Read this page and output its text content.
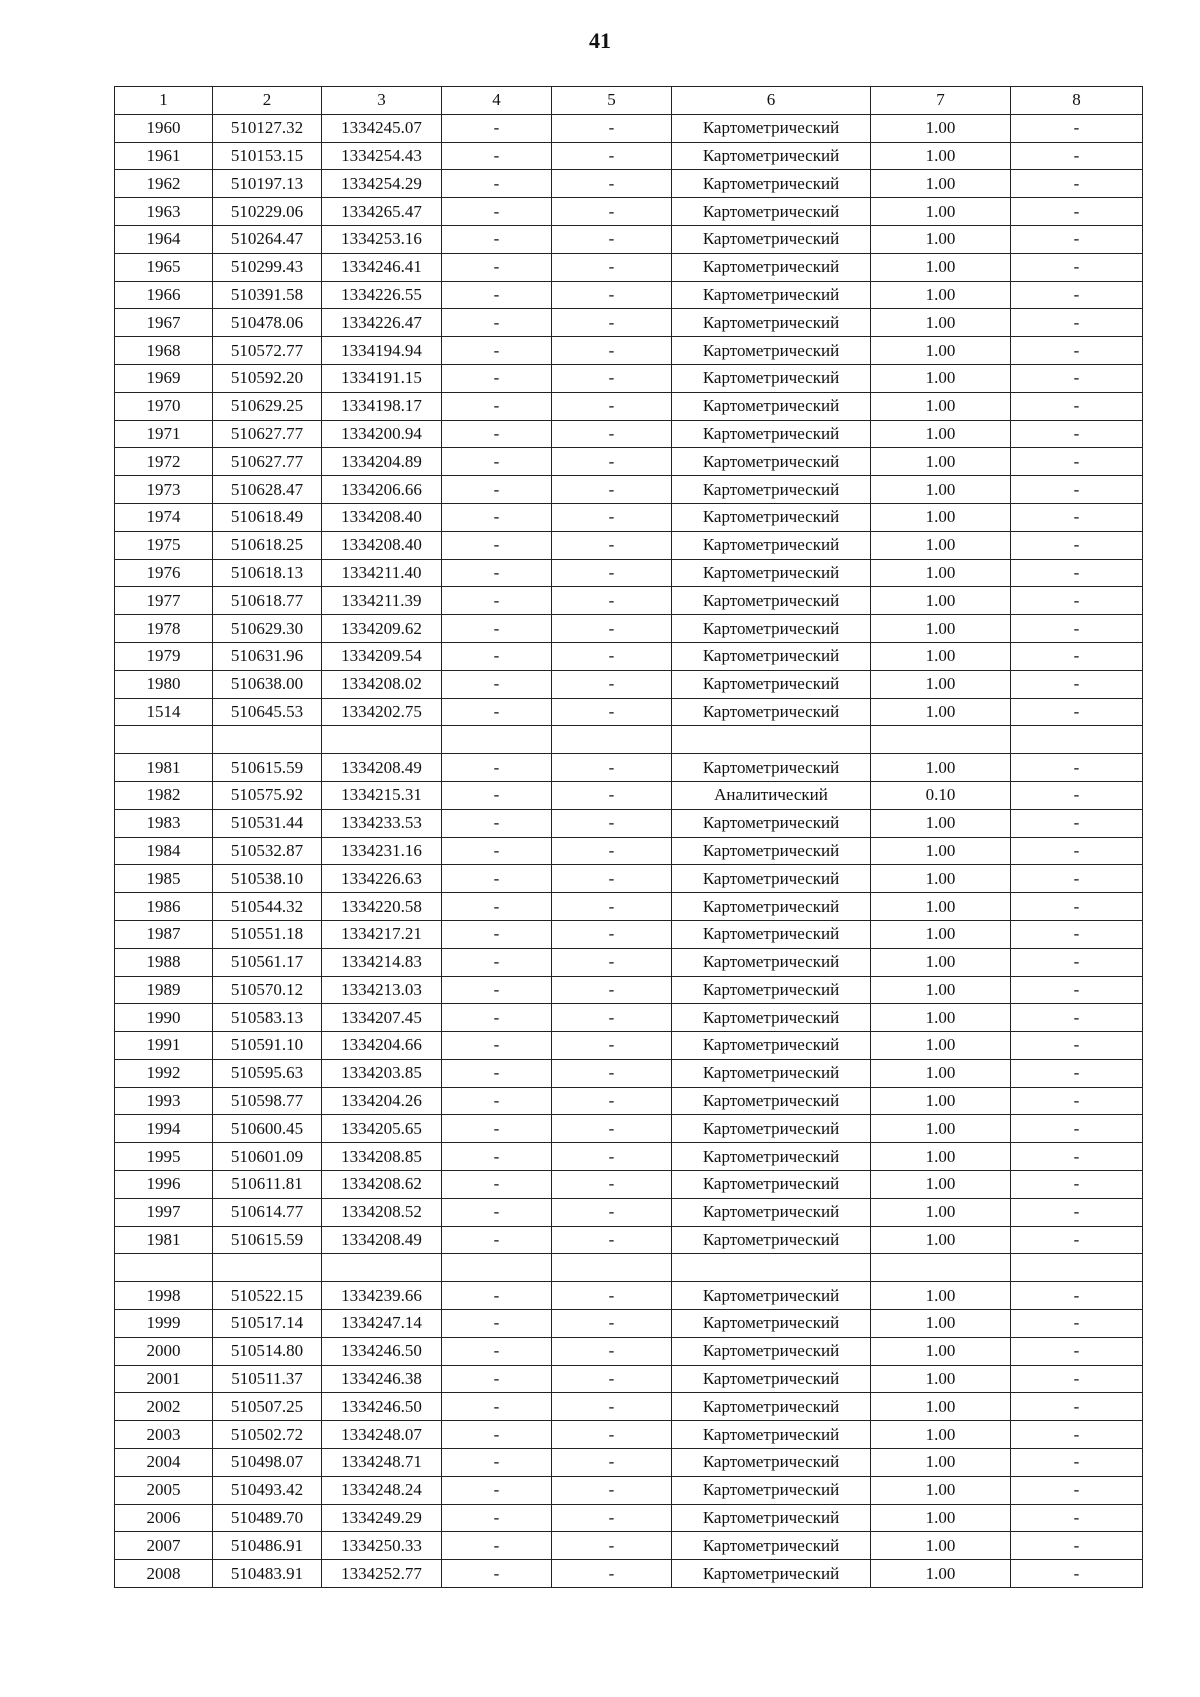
41
1	2	3	4	5	6	7	8
1960	510127.32	1334245.07	-	-	Картометрический	1.00	-
1961	510153.15	1334254.43	-	-	Картометрический	1.00	-
1962	510197.13	1334254.29	-	-	Картометрический	1.00	-
1963	510229.06	1334265.47	-	-	Картометрический	1.00	-
1964	510264.47	1334253.16	-	-	Картометрический	1.00	-
1965	510299.43	1334246.41	-	-	Картометрический	1.00	-
1966	510391.58	1334226.55	-	-	Картометрический	1.00	-
1967	510478.06	1334226.47	-	-	Картометрический	1.00	-
1968	510572.77	1334194.94	-	-	Картометрический	1.00	-
1969	510592.20	1334191.15	-	-	Картометрический	1.00	-
1970	510629.25	1334198.17	-	-	Картометрический	1.00	-
1971	510627.77	1334200.94	-	-	Картометрический	1.00	-
1972	510627.77	1334204.89	-	-	Картометрический	1.00	-
1973	510628.47	1334206.66	-	-	Картометрический	1.00	-
1974	510618.49	1334208.40	-	-	Картометрический	1.00	-
1975	510618.25	1334208.40	-	-	Картометрический	1.00	-
1976	510618.13	1334211.40	-	-	Картометрический	1.00	-
1977	510618.77	1334211.39	-	-	Картометрический	1.00	-
1978	510629.30	1334209.62	-	-	Картометрический	1.00	-
1979	510631.96	1334209.54	-	-	Картометрический	1.00	-
1980	510638.00	1334208.02	-	-	Картометрический	1.00	-
1514	510645.53	1334202.75	-	-	Картометрический	1.00	-

1981	510615.59	1334208.49	-	-	Картометрический	1.00	-
1982	510575.92	1334215.31	-	-	Аналитический	0.10	-
1983	510531.44	1334233.53	-	-	Картометрический	1.00	-
1984	510532.87	1334231.16	-	-	Картометрический	1.00	-
1985	510538.10	1334226.63	-	-	Картометрический	1.00	-
1986	510544.32	1334220.58	-	-	Картометрический	1.00	-
1987	510551.18	1334217.21	-	-	Картометрический	1.00	-
1988	510561.17	1334214.83	-	-	Картометрический	1.00	-
1989	510570.12	1334213.03	-	-	Картометрический	1.00	-
1990	510583.13	1334207.45	-	-	Картометрический	1.00	-
1991	510591.10	1334204.66	-	-	Картометрический	1.00	-
1992	510595.63	1334203.85	-	-	Картометрический	1.00	-
1993	510598.77	1334204.26	-	-	Картометрический	1.00	-
1994	510600.45	1334205.65	-	-	Картометрический	1.00	-
1995	510601.09	1334208.85	-	-	Картометрический	1.00	-
1996	510611.81	1334208.62	-	-	Картометрический	1.00	-
1997	510614.77	1334208.52	-	-	Картометрический	1.00	-
1981	510615.59	1334208.49	-	-	Картометрический	1.00	-

1998	510522.15	1334239.66	-	-	Картометрический	1.00	-
1999	510517.14	1334247.14	-	-	Картометрический	1.00	-
2000	510514.80	1334246.50	-	-	Картометрический	1.00	-
2001	510511.37	1334246.38	-	-	Картометрический	1.00	-
2002	510507.25	1334246.50	-	-	Картометрический	1.00	-
2003	510502.72	1334248.07	-	-	Картометрический	1.00	-
2004	510498.07	1334248.71	-	-	Картометрический	1.00	-
2005	510493.42	1334248.24	-	-	Картометрический	1.00	-
2006	510489.70	1334249.29	-	-	Картометрический	1.00	-
2007	510486.91	1334250.33	-	-	Картометрический	1.00	-
2008	510483.91	1334252.77	-	-	Картометрический	1.00	-
